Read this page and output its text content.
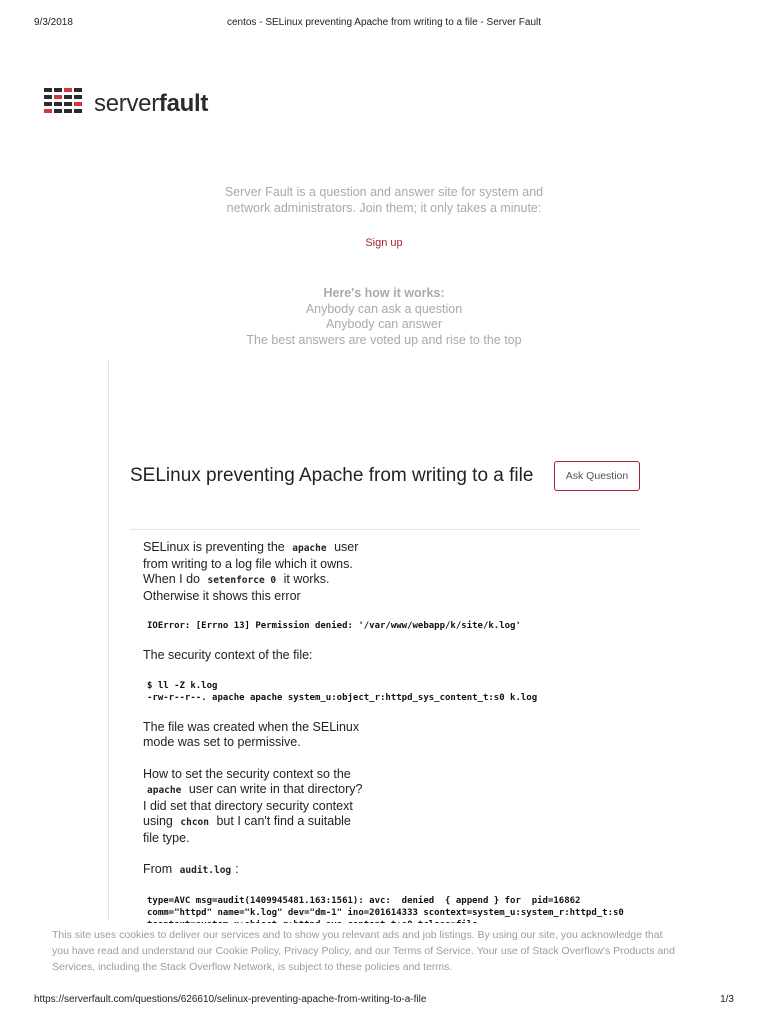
9/3/2018	centos - SELinux preventing Apache from writing to a file - Server Fault
serverfault
Server Fault is a question and answer site for system and
network administrators. Join them; it only takes a minute:
Sign up
Here's how it works:
Anybody can ask a question
Anybody can answer
The best answers are voted up and rise to the top
SELinux preventing Apache from writing to a file	Ask Question

SELinux is preventing the apache user from writing to a log file which it owns. When I do setenforce 0 it works. Otherwise it shows this error

IOError: [Errno 13] Permission denied: '/var/www/webapp/k/site/k.log'

The security context of the file:

$ ll -Z k.log
-rw-r--r--. apache apache system_u:object_r:httpd_sys_content_t:s0 k.log

The file was created when the SELinux mode was set to permissive.

How to set the security context so the apache user can write in that directory? I did set that directory security context using chcon but I can't find a suitable file type.

From audit.log :

type=AVC msg=audit(1409945481.163:1561): avc:  denied  { append } for  pid=16862
comm="httpd" name="k.log" dev="dm-1" ino=201614333 scontext=system_u:system_r:httpd_t:s0

This site uses cookies to deliver our services and to show you relevant ads and job listings. By using our site, you acknowledge that you have read and understand our Cookie Policy, Privacy Policy, and our Terms of Service. Your use of Stack Overflow's Products and Services, including the Stack Overflow Network, is subject to these policies and terms.
https://serverfault.com/questions/626610/selinux-preventing-apache-from-writing-to-a-file	1/3
